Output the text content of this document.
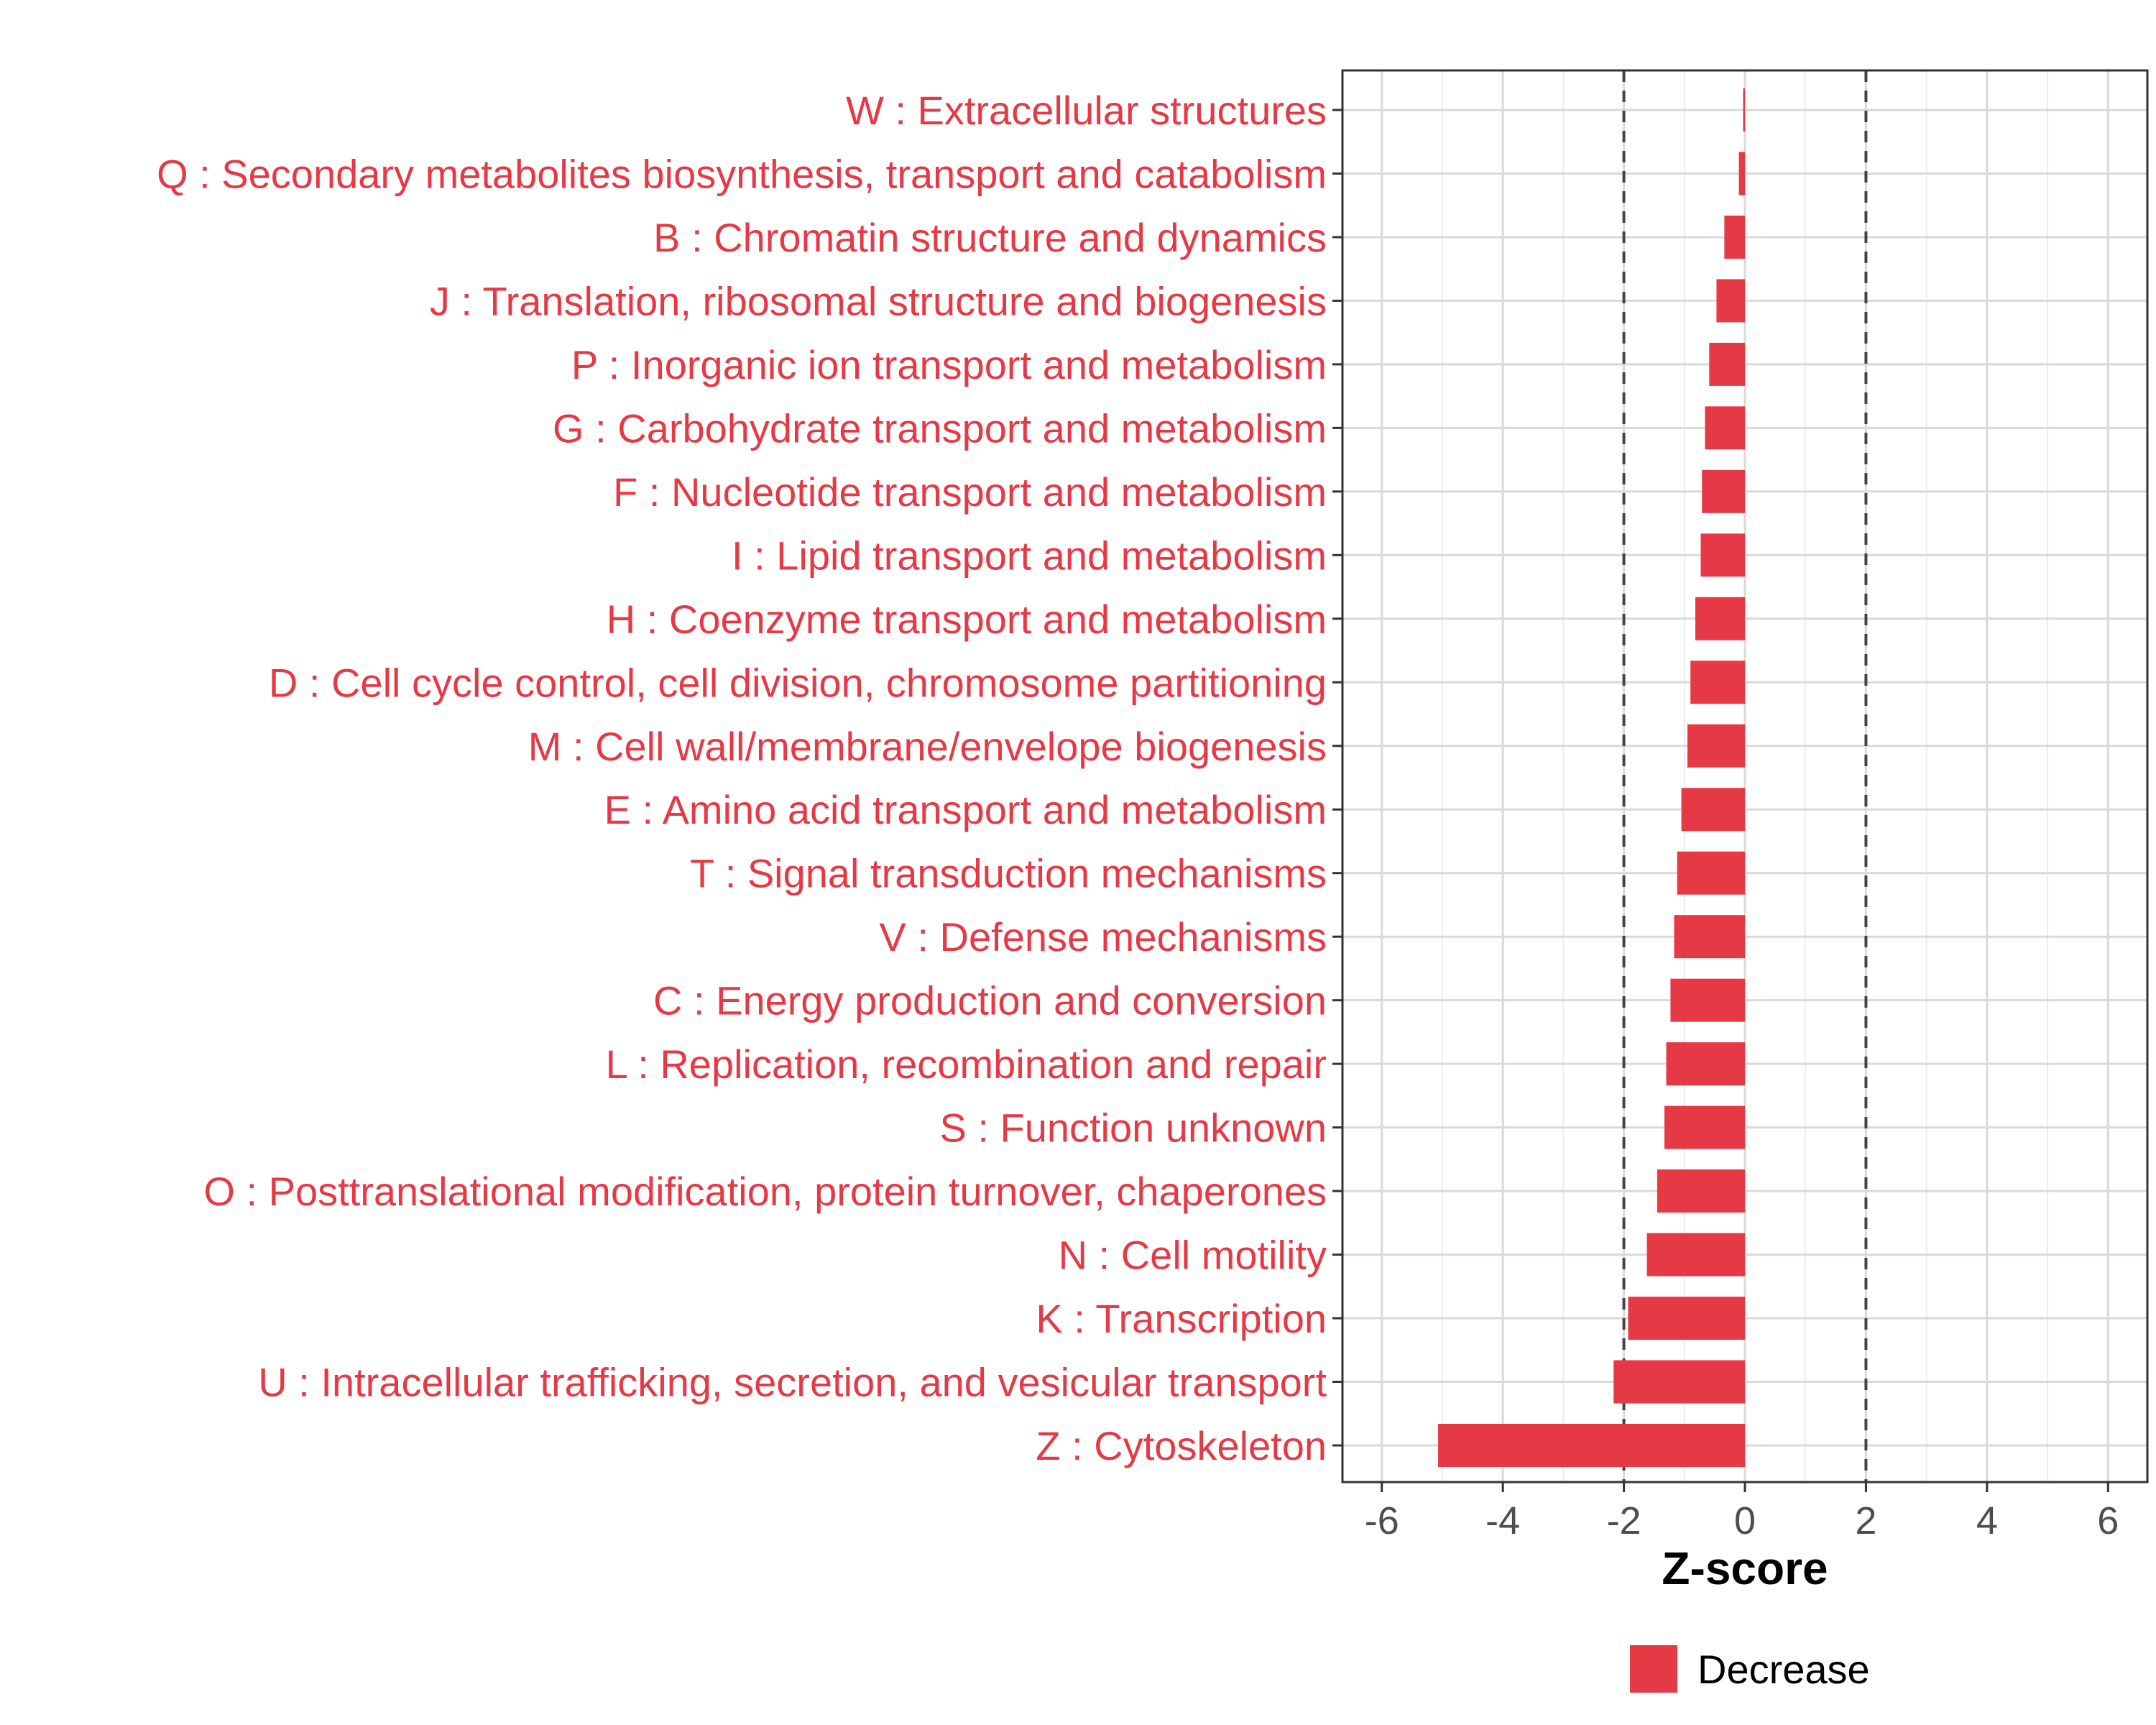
W : Extracellular structures
Q : Secondary metabolites biosynthesis, transport and catabolism
B : Chromatin structure and dynamics
J : Translation, ribosomal structure and biogenesis
P : Inorganic ion transport and metabolism
G : Carbohydrate transport and metabolism
F : Nucleotide transport and metabolism
I : Lipid transport and metabolism
H : Coenzyme transport and metabolism
D : Cell cycle control, cell division, chromosome partitioning
M : Cell wall/membrane/envelope biogenesis
E : Amino acid transport and metabolism
T : Signal transduction mechanisms
V : Defense mechanisms
C : Energy production and conversion
L : Replication, recombination and repair
S : Function unknown
O : Posttranslational modification, protein turnover, chaperones
N : Cell motility
K : Transcription
U : Intracellular trafficking, secretion, and vesicular transport
Z : Cytoskeleton
-6 -4 -2 0	2	4	6
Z-score
Decrease
